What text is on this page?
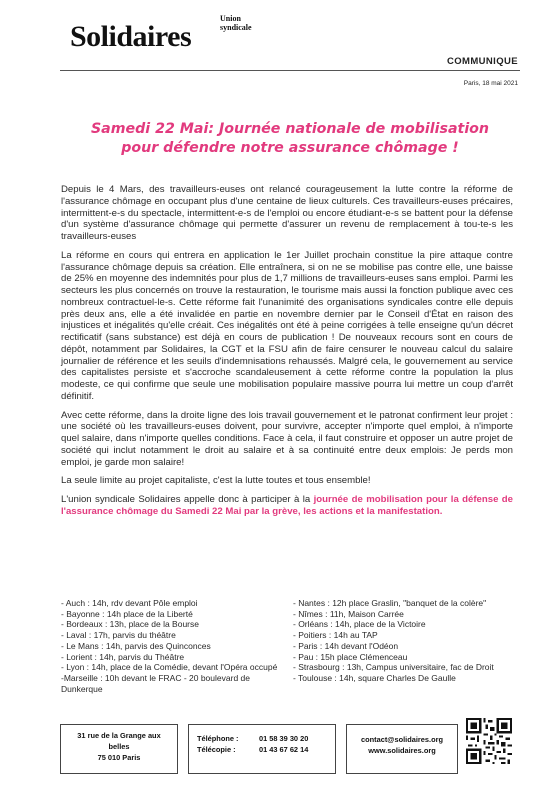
Union
syndicale
Solidaires
COMMUNIQUE
Paris, 18 mai 2021
Samedi 22 Mai: Journée nationale de mobilisation
pour défendre notre assurance chômage !

Depuis le 4 Mars, des travailleurs-euses ont relancé courageusement la lutte contre la réforme de l'assurance chômage en occupant plus d'une centaine de lieux culturels. Ces travailleurs-euses précaires, intermittent-e-s du spectacle, intermittent-e-s de l'emploi ou encore étudiant-e-s se battent pour la défense d'un système d'assurance chômage qui permette d'assurer un revenu de remplacement à tou-te-s les travailleurs-euses

La réforme en cours qui entrera en application le 1er Juillet prochain constitue la pire attaque contre l'assurance chômage depuis sa création. Elle entraînera, si on ne se mobilise pas contre elle, une baisse de 25% en moyenne des indemnités pour plus de 1,7 millions de travailleurs-euses sans emploi. Parmi les secteurs les plus concernés on trouve la restauration, le tourisme mais aussi la fonction publique avec ces nombreux contractuel-le-s. Cette réforme fait l'unanimité des organisations syndicales contre elle depuis près deux ans, elle a été invalidée en partie en novembre dernier par le Conseil d'État en raison des injustices et inégalités qu'elle créait. Ces inégalités ont été à peine corrigées à telle enseigne qu'un décret rectificatif (sans substance) est déjà en cours de publication ! De nouveaux recours sont en cours de dépôt, notamment par Solidaires, la CGT et la FSU afin de faire censurer le nouveau calcul du salaire journalier de référence et les seuils d'indemnisations rehaussés. Malgré cela, le gouvernement au service des capitalistes persiste et s'accroche scandaleusement à cette réforme contre la population la plus modeste, ce qui confirme que seule une mobilisation populaire massive pourra lui mettre un coup d'arrêt définitif.

Avec cette réforme, dans la droite ligne des lois travail gouvernement et le patronat confirment leur projet : une société où les travailleurs-euses doivent, pour survivre, accepter n'importe quel emploi, à n'importe quel salaire, dans n'importe quelles conditions. Face à cela, il faut construire et opposer un autre projet de société qui inclut notamment le droit au salaire et à sa continuité entre deux emplois: Je perds mon emploi, je garde mon salaire!

La seule limite au projet capitaliste, c'est la lutte toutes et tous ensemble!

L'union syndicale Solidaires appelle donc à participer à la journée de mobilisation pour la défense de l'assurance chômage du Samedi 22 Mai par la grève, les actions et la manifestation.

- Auch : 14h, rdv devant Pôle emploi
- Bayonne : 14h place de la Liberté
- Bordeaux : 13h, place de la Bourse
- Laval : 17h, parvis du théâtre
- Le Mans : 14h, parvis des Quinconces
- Lorient : 14h, parvis du Théâtre
- Lyon : 14h, place de la Comédie, devant l'Opéra occupé
-Marseille : 10h devant le FRAC - 20 boulevard de Dunkerque
- Nantes : 12h place Graslin, "banquet de la colère"
- Nîmes : 11h, Maison Carrée
- Orléans : 14h, place de la Victoire
- Poitiers : 14h au TAP
- Paris : 14h devant l'Odéon
- Pau : 15h place Clémenceau
- Strasbourg : 13h, Campus universitaire, fac de Droit
- Toulouse : 14h, square Charles De Gaulle
31 rue de la Grange aux
belles
75 010 Paris
Téléphone :	01 58 39 30 20
Télécopie :	01 43 67 62 14
contact@solidaires.org
www.solidaires.org
